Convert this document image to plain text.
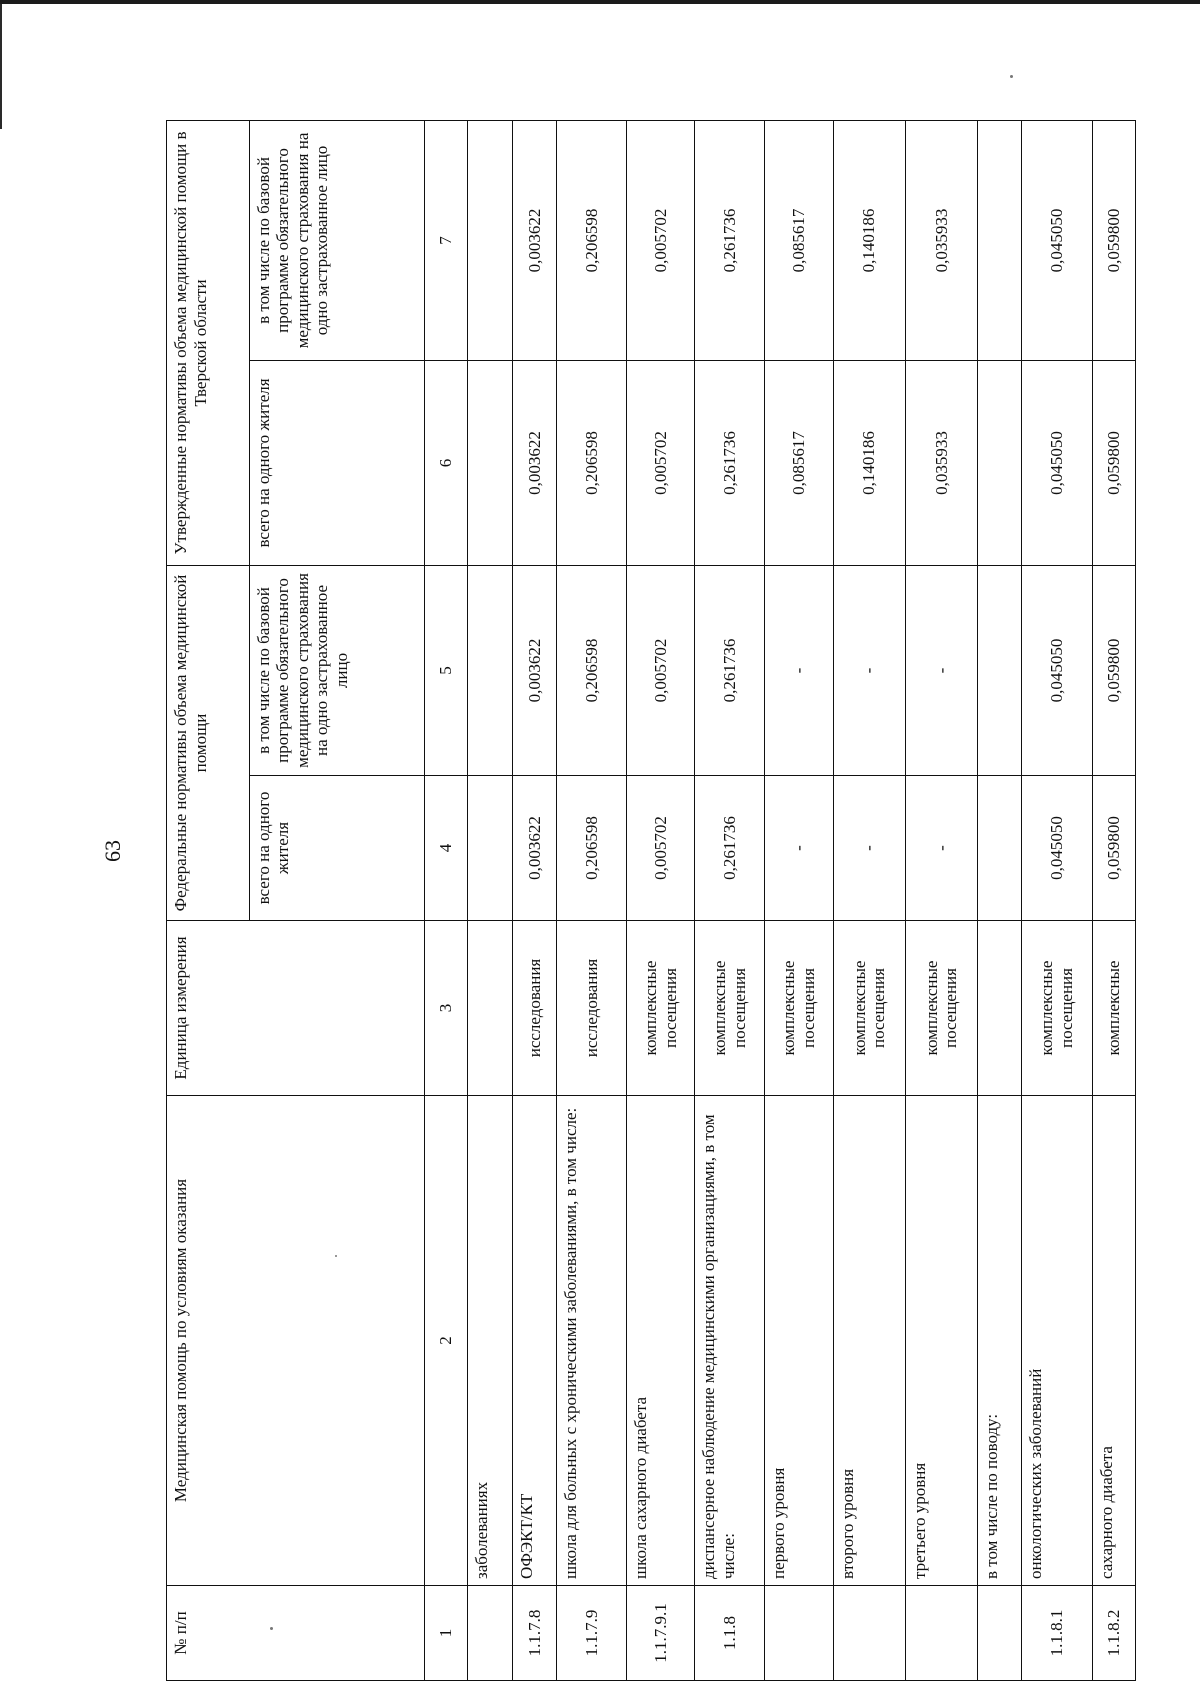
63
№ п/п	Медицинская помощь по условиям оказания	Единица измерения	Федеральные нормативы объема медицинской помощи		Утвержденные нормативы объема медицинской помощи в Тверской области	
			всего на одного жителя	в том числе по базовой программе обязательного медицинского страхования на одно застрахованное лицо	всего на одного жителя	в том числе по базовой программе обязательного медицинского страхования на одно застрахованное лицо
1	2	3	4	5	6	7
	заболеваниях					
1.1.7.8	ОФЭКТ/КТ	исследования	0,003622	0,003622	0,003622	0,003622
1.1.7.9	школа для больных с хроническими заболеваниями, в том числе:	исследования	0,206598	0,206598	0,206598	0,206598
1.1.7.9.1	школа сахарного диабета	комплексные посещения	0,005702	0,005702	0,005702	0,005702
1.1.8	диспансерное наблюдение медицинскими организациями, в том числе:	комплексные посещения	0,261736	0,261736	0,261736	0,261736
	первого уровня	комплексные посещения	-	-	0,085617	0,085617
	второго уровня	комплексные посещения	-	-	0,140186	0,140186
	третьего уровня	комплексные посещения	-	-	0,035933	0,035933
	в том числе по поводу:					
1.1.8.1	онкологических заболеваний	комплексные посещения	0,045050	0,045050	0,045050	0,045050
1.1.8.2	сахарного диабета	комплексные	0,059800	0,059800	0,059800	0,059800
